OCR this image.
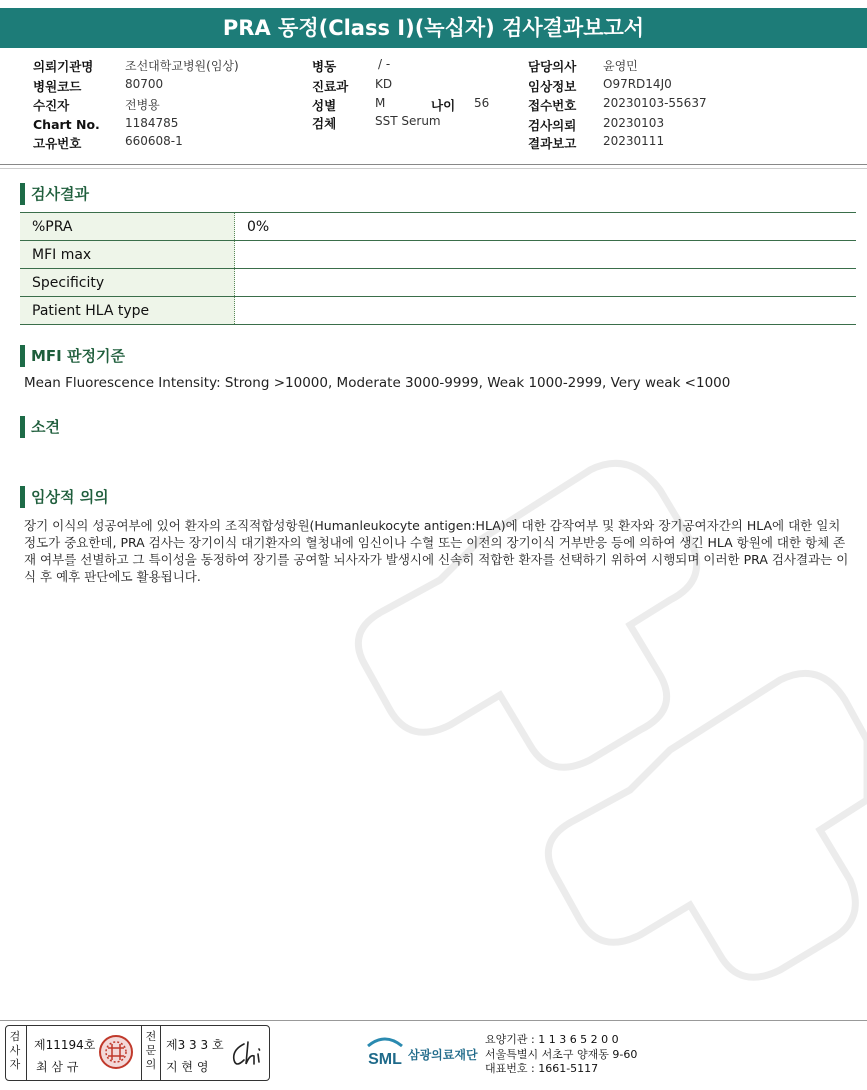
PRA 동정(Class I)(녹십자) 검사결과보고서
의뢰기관명	조선대학교병원(임상)
병원코드	80700
수진자	전병용
Chart No. 1184785
고유번호	660608-1
병동	/ -
진료과 KD
성별	M	나이 56
검체	SST Serum
담당의사 윤영민
임상정보 O97RD14J0
접수번호 20230103-55637
검사의뢰 20230103
결과보고 20230111
검사결과
%PRA	0%
MFI max	
Specificity	
Patient HLA type	
MFI 판정기준
Mean Fluorescence Intensity: Strong >10000, Moderate 3000-9999, Weak 1000-2999, Very weak <1000
소견
임상적 의의
장기 이식의 성공여부에 있어 환자의 조직적합성항원(Humanleukocyte antigen:HLA)에 대한 감작여부 및 환자와 장기공여자간의 HLA에 대한 일치정도가 중요한데, PRA 검사는 장기이식 대기환자의 혈청내에 임신이나 수혈 또는 이전의 장기이식 거부반응 등에 의하여 생긴 HLA 항원에 대한 항체 존재 여부를 선별하고 그 특이성을 동정하여 장기를 공여할 뇌사자가 발생시에 신속히 적합한 환자를 선택하기 위하여 시행되며 이러한 PRA 검사결과는 이식 후 예후 판단에도 활용됩니다.
검사자
제11194호
최 삼 규
전문의
제3 3 3 호
지 현 영	SML 삼광의료재단
요양기관 : 1 1 3 6 5 2 0 0
서울특별시 서초구 양재동 9-60
대표번호 : 1661-5117
